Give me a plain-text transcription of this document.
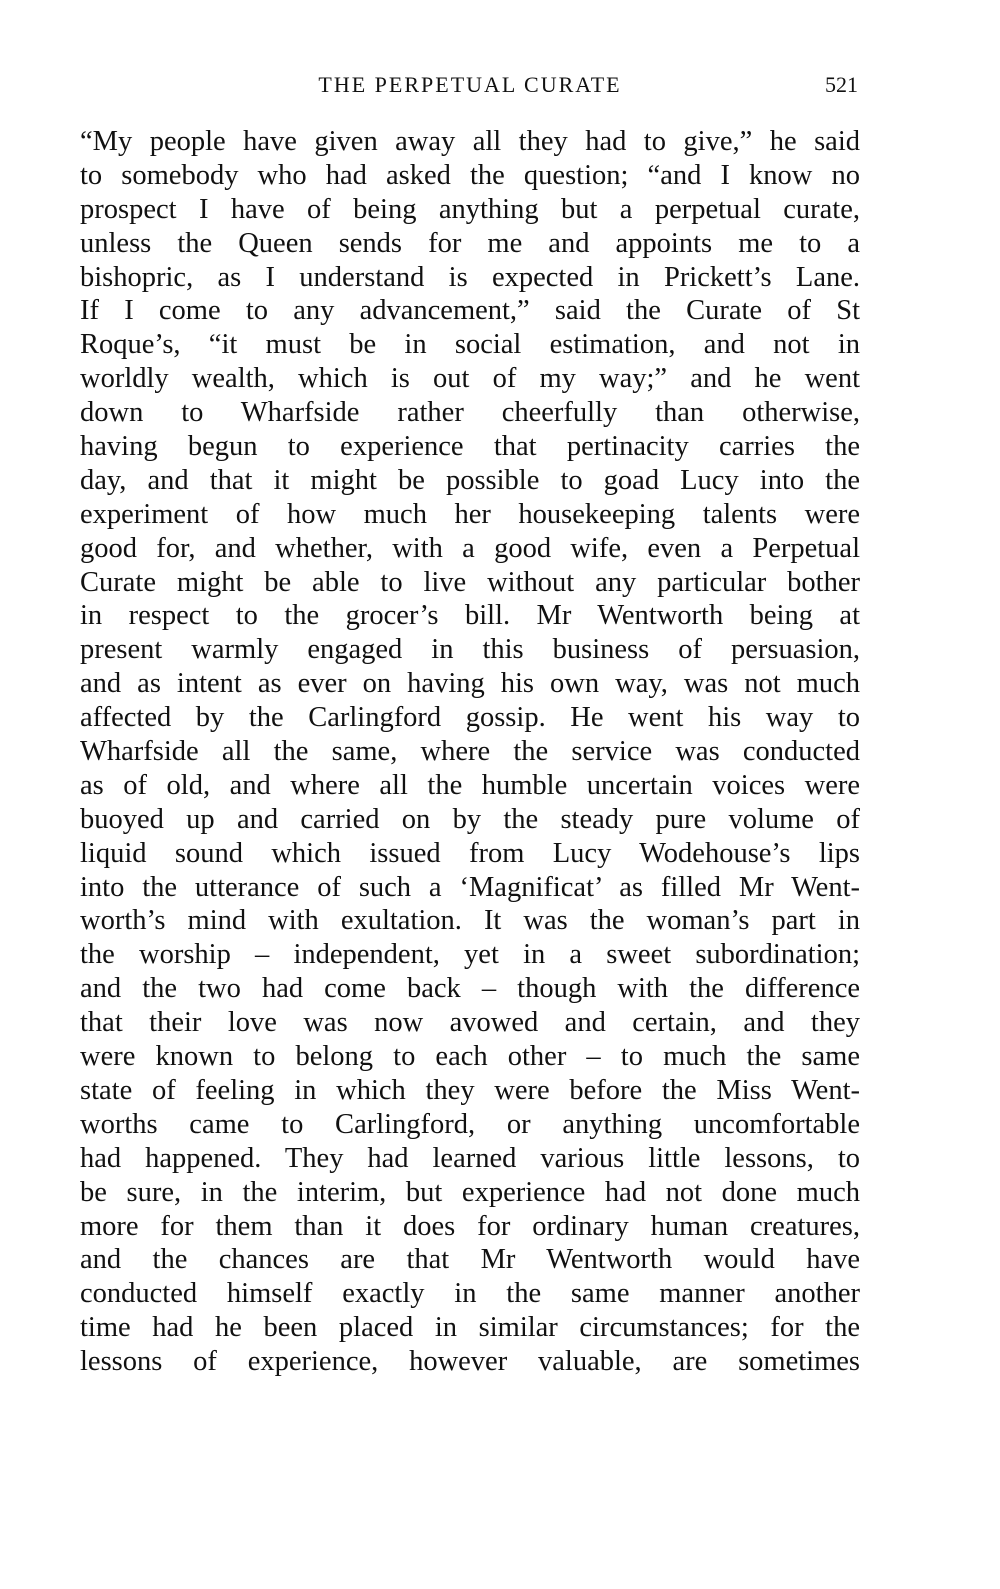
THE PERPETUAL CURATE	521
“My people have given away all they had to give,” he said
to somebody who had asked the question; “and I know no
prospect I have of being anything but a perpetual curate,
unless the Queen sends for me and appoints me to a
bishopric, as I understand is expected in Prickett’s Lane.
If I come to any advancement,” said the Curate of St
Roque’s, “it must be in social estimation, and not in
worldly wealth, which is out of my way;” and he went
down to Wharfside rather cheerfully than otherwise,
having begun to experience that pertinacity carries the
day, and that it might be possible to goad Lucy into the
experiment of how much her housekeeping talents were
good for, and whether, with a good wife, even a Perpetual
Curate might be able to live without any particular bother
in respect to the grocer’s bill. Mr Wentworth being at
present warmly engaged in this business of persuasion,
and as intent as ever on having his own way, was not much
affected by the Carlingford gossip. He went his way to
Wharfside all the same, where the service was conducted
as of old, and where all the humble uncertain voices were
buoyed up and carried on by the steady pure volume of
liquid sound which issued from Lucy Wodehouse’s lips
into the utterance of such a ‘Magnificat’ as filled Mr Went-
worth’s mind with exultation. It was the woman’s part in
the worship – independent, yet in a sweet subordination;
and the two had come back – though with the difference
that their love was now avowed and certain, and they
were known to belong to each other – to much the same
state of feeling in which they were before the Miss Went-
worths came to Carlingford, or anything uncomfortable
had happened. They had learned various little lessons, to
be sure, in the interim, but experience had not done much
more for them than it does for ordinary human creatures,
and the chances are that Mr Wentworth would have
conducted himself exactly in the same manner another
time had he been placed in similar circumstances; for the
lessons of experience, however valuable, are sometimes
